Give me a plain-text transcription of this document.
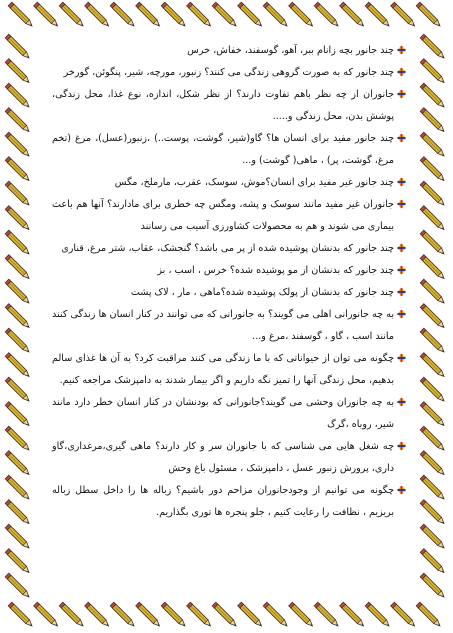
چند جانور بچه زانام ببر، آهو، گوسفند، خفاش، خرس
چند جانور که به صورت گروهی زندگی می کنند؟ زنبور، مورچه، شیر، پنگوئن، گورخر
جانوران از چه نظر باهم تفاوت دارند؟ از نظر شکل، اندازه، نوع غذا، محل زندگی، پوشش بدن، محل زندگی و.....
چند جانور مفید برای انسان ها؟ گاو(شیر، گوشت، پوست..) ،زنبور(عسل)، مرغ (تخم مرغ، گوشت، پر) ، ماهی( گوشت) و...
چند جانور غیر مفید برای انسان؟موش، سوسک، عقرب، مارملخ، مگس
جانوران غیر مفید مانند سوسک و پشه، ومگس چه خطری برای مادارند؟ آنها هم باعث بیماری می شوند و هم به محصولات کشاورزی آسیب می رسانند
چند جانور که بدنشان پوشیده شده از پر می باشد؟ گنجشک، عقاب، شتر مرغ، قناری
چند جانور که بدنشان از مو پوشیده شده؟ خرس ، اسب ، بز
چند جانور که بدنشان از پولک پوشیده شده؟ماهی ، مار ، لاک پشت
به چه جانورانی اهلی می گویند؟ به جانورانی که می توانند در کنار انسان ها زندگی کنند مانند اسب ، گاو ، گوسفند ،مرغ و...
چگونه می توان از حیواناتی که با ما زندگی می کنند مراقبت کرد؟ به آن ها غذای سالم بدهیم، محل زندگی آنها را تمیز نگه داریم و اگر بیمار شدند به دامپزشک مراجعه کنیم.
به چه جانوران وحشی می گویند؟جانورانی که بودنشان در کنار انسان خطر دارد مانند شیر، روباه ،گرگ
چه شغل هایی می شناسی که با جانوران سر و کار دارند؟ ماهی گیری،مرغداری،گاو داری، پرورش زنبور عسل ، دامپزشک ، مسئول باغ وحش
چگونه می توانیم از وجودجانوران مزاحم دور باشیم؟ زباله ها را داخل سطل زباله بریزیم ، نظافت را رعایت کنیم ، جلو پنجره ها توری بگذاریم.
